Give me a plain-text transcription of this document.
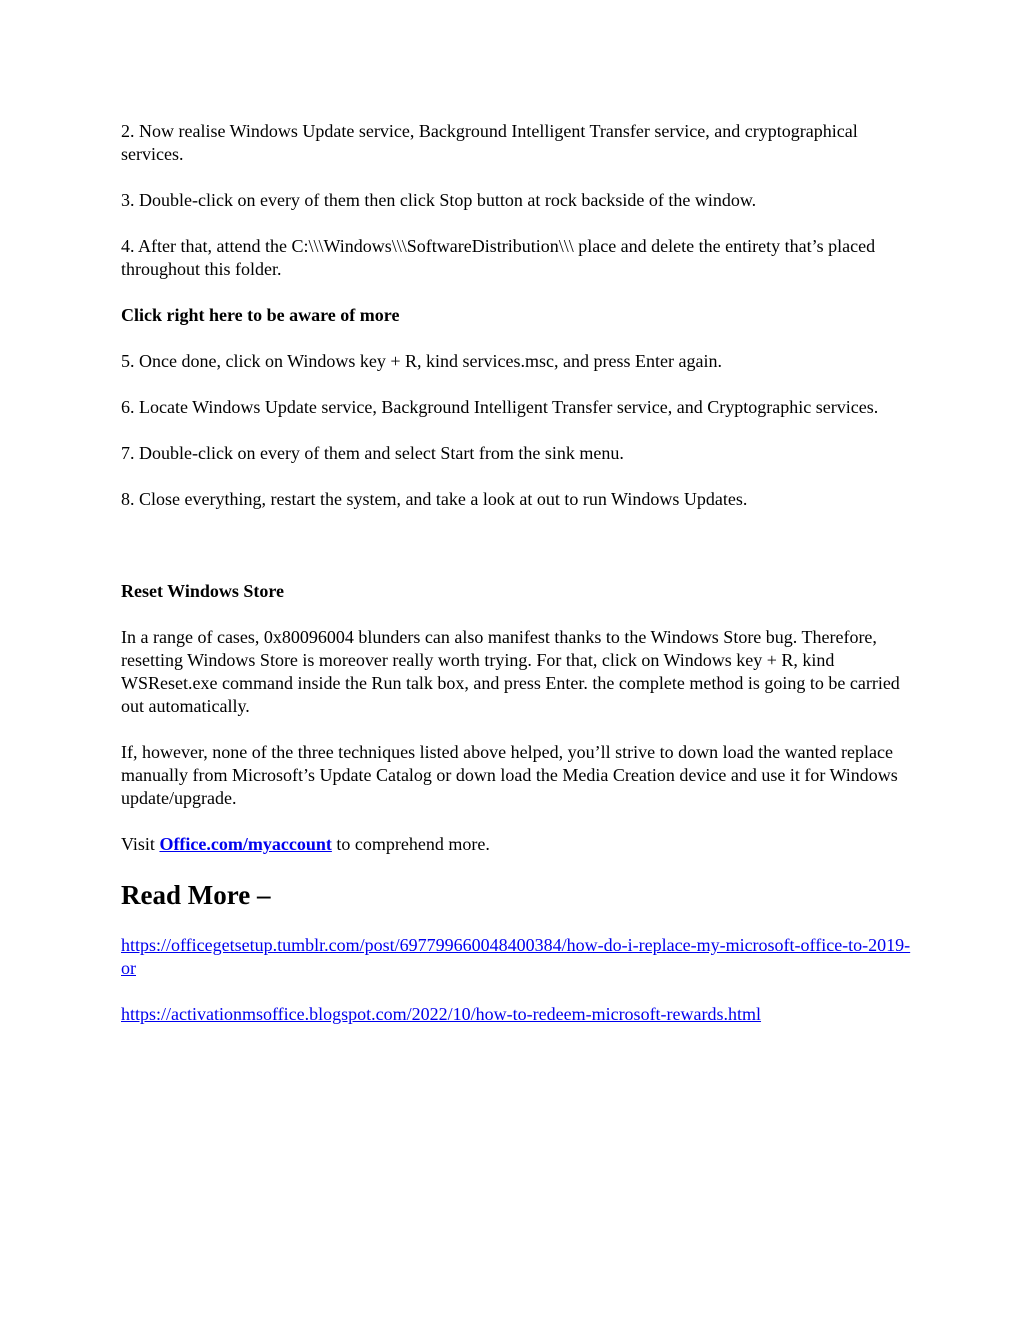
2. Now realise Windows Update service, Background Intelligent Transfer service, and cryptographical services.

3. Double-click on every of them then click Stop button at rock backside of the window.

4. After that, attend the C:\\\Windows\\\SoftwareDistribution\\\ place and delete the entirety that’s placed throughout this folder.

Click right here to be aware of more

5. Once done, click on Windows key + R, kind services.msc, and press Enter again.

6. Locate Windows Update service, Background Intelligent Transfer service, and Cryptographic services.

7. Double-click on every of them and select Start from the sink menu.

8. Close everything, restart the system, and take a look at out to run Windows Updates.

Reset Windows Store

In a range of cases, 0x80096004 blunders can also manifest thanks to the Windows Store bug. Therefore, resetting Windows Store is moreover really worth trying. For that, click on Windows key + R, kind WSReset.exe command inside the Run talk box, and press Enter. the complete method is going to be carried out automatically.

If, however, none of the three techniques listed above helped, you’ll strive to down load the wanted replace manually from Microsoft’s Update Catalog or down load the Media Creation device and use it for Windows update/upgrade.

Visit Office.com/myaccount to comprehend more.

Read More –

https://officegetsetup.tumblr.com/post/697799660048400384/how-do-i-replace-my-microsoft-office-to-2019-or

https://activationmsoffice.blogspot.com/2022/10/how-to-redeem-microsoft-rewards.html
